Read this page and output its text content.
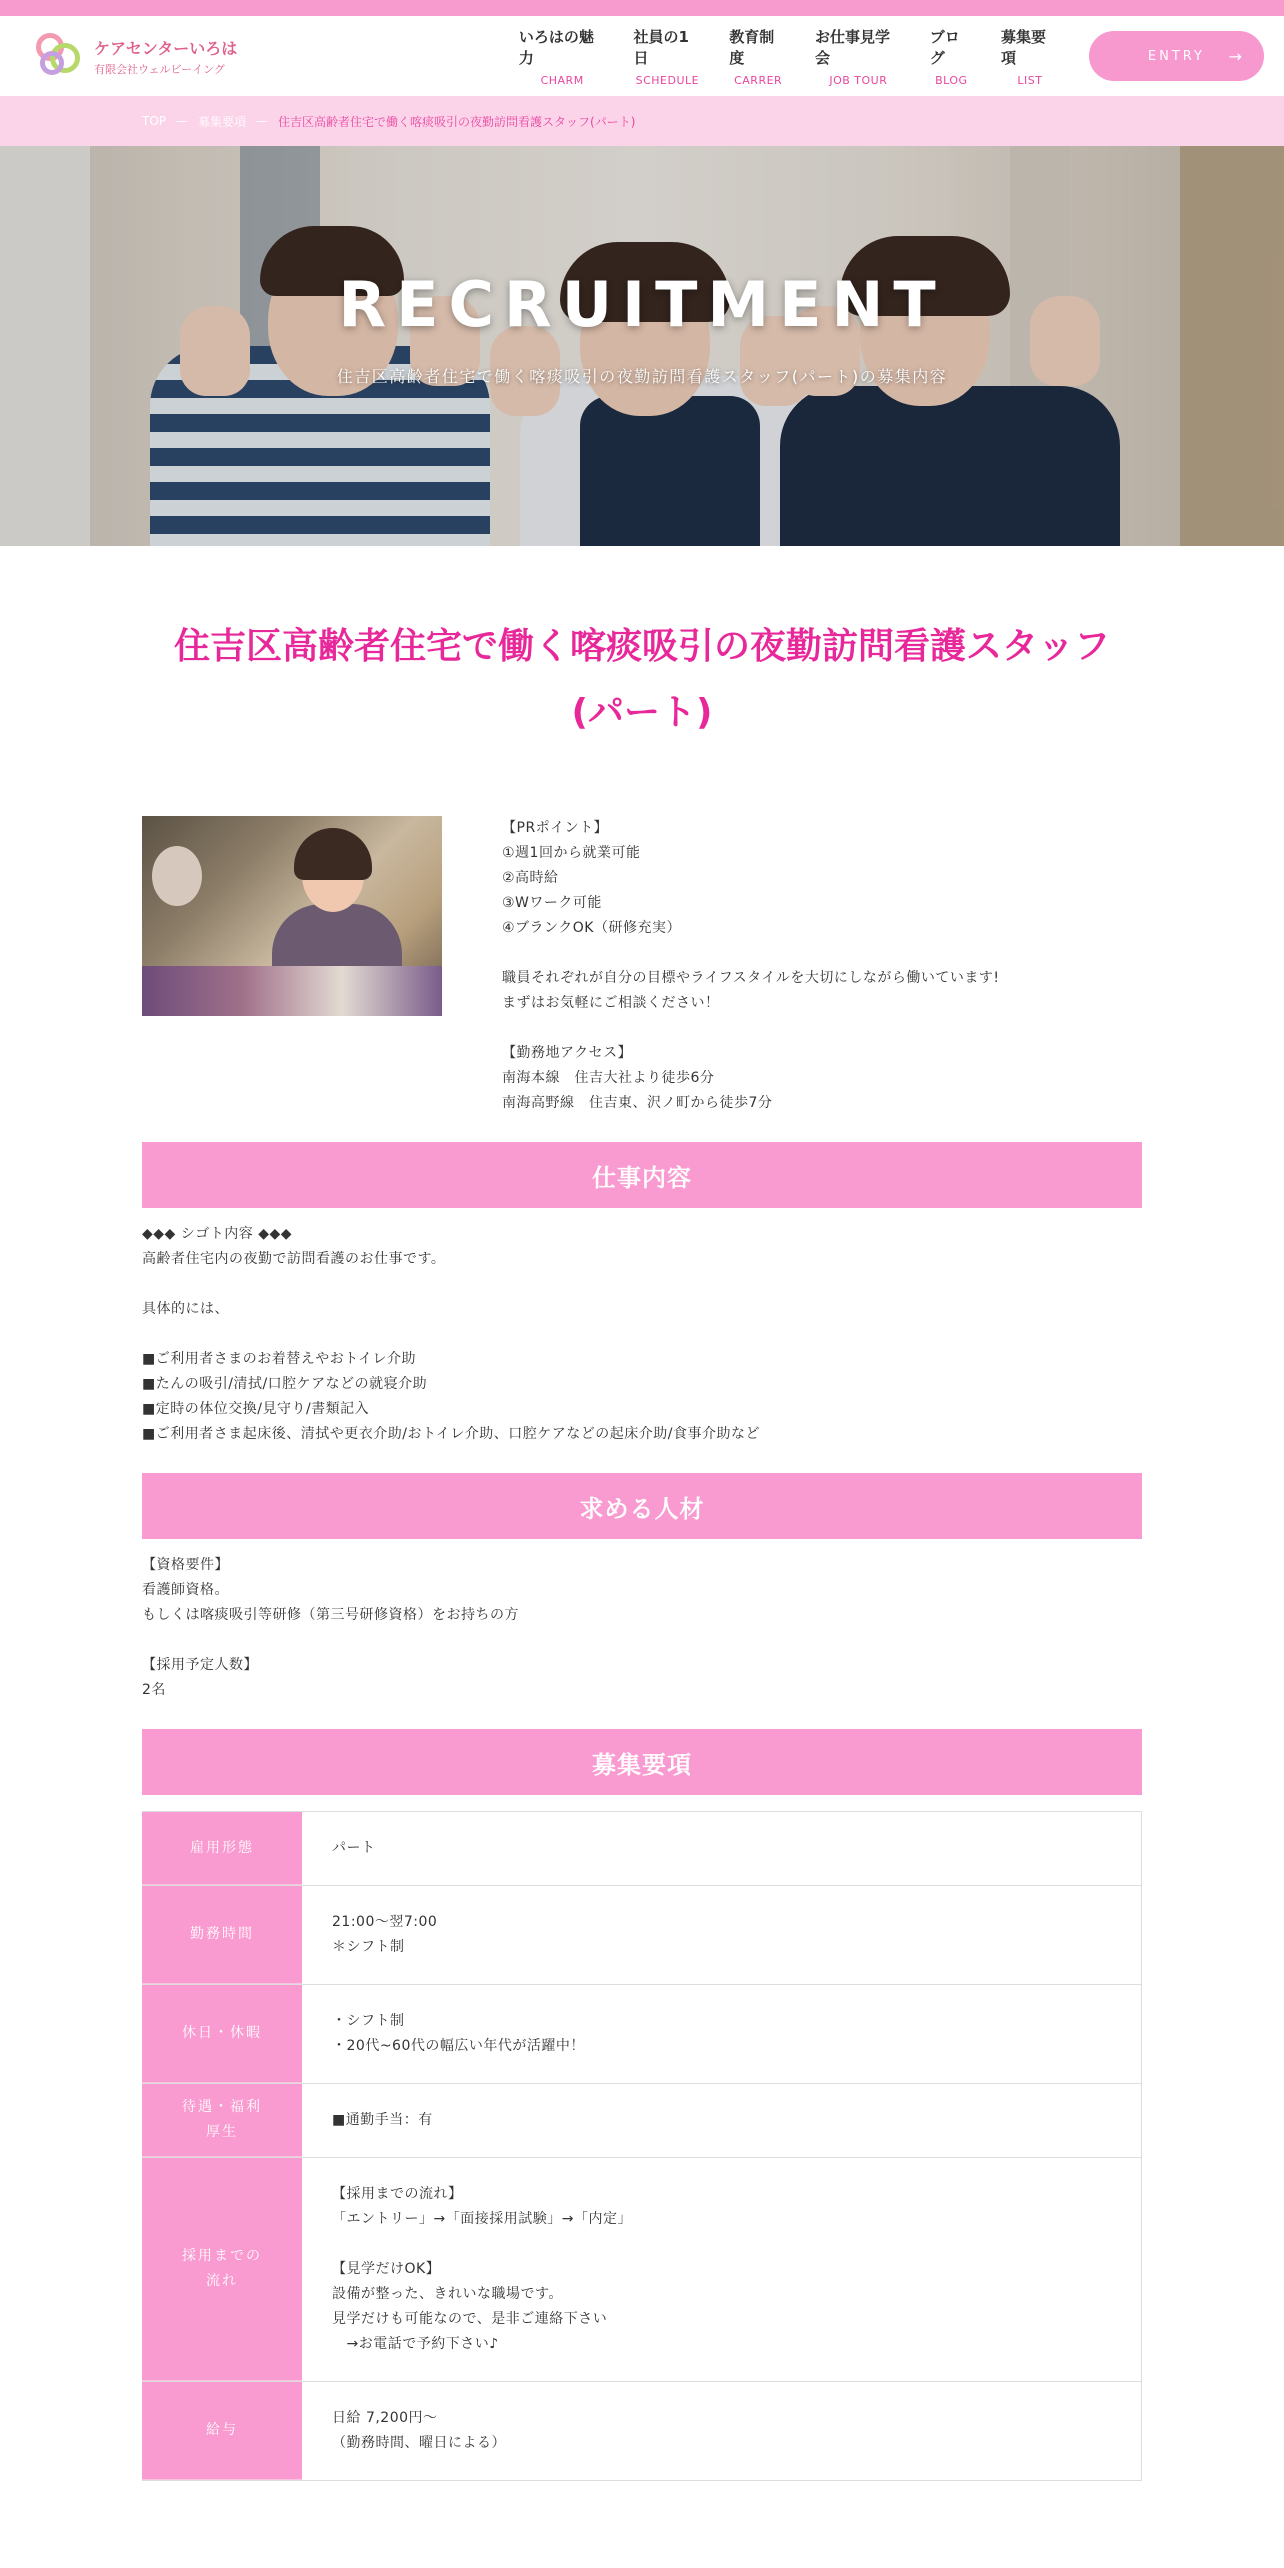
ケアセンターいろは
有限会社ウェルビーイング
いろはの魅力
CHARM
社員の1日
SCHEDULE
教育制度
CARRER
お仕事見学会
JOB TOUR
ブログ
BLOG
募集要項
LIST
ENTRY →
TOP — 募集要項 — 住吉区高齢者住宅で働く喀痰吸引の夜勤訪問看護スタッフ(パート)
RECRUITMENT
住吉区高齢者住宅で働く喀痰吸引の夜勤訪問看護スタッフ(パート)の募集内容
住吉区高齢者住宅で働く喀痰吸引の夜勤訪問看護スタッフ
(パート)

【PRポイント】

①週1回から就業可能

②高時給

③Wワーク可能

④ブランクOK（研修充実）

職員それぞれが自分の目標やライフスタイルを大切にしながら働いています!

まずはお気軽にご相談ください！

【勤務地アクセス】

南海本線　住吉大社より徒歩6分

南海高野線　住吉東、沢ノ町から徒歩7分

仕事内容

◆◆◆ シゴト内容 ◆◆◆

高齢者住宅内の夜勤で訪問看護のお仕事です。

具体的には、

■ご利用者さまのお着替えやおトイレ介助

■たんの吸引/清拭/口腔ケアなどの就寝介助

■定時の体位交換/見守り/書類記入

■ご利用者さま起床後、清拭や更衣介助/おトイレ介助、口腔ケアなどの起床介助/食事介助など

求める人材

【資格要件】

看護師資格。

もしくは喀痰吸引等研修（第三号研修資格）をお持ちの方

【採用予定人数】

2名

募集要項
雇用形態	パート

勤務時間

21:00～翌7:00

＊シフト制

休日・休暇

・シフト制

・20代~60代の幅広い年代が活躍中！

待遇・福利厚生

■通勤手当：有

採用までの流れ

【採用までの流れ】

「エントリー」→「面接採用試験」→「内定」

【見学だけOK】

設備が整った、きれいな職場です。

見学だけも可能なので、是非ご連絡下さい

　→お電話で予約下さい♪

給与

日給 7,200円～

（勤務時間、曜日による）
